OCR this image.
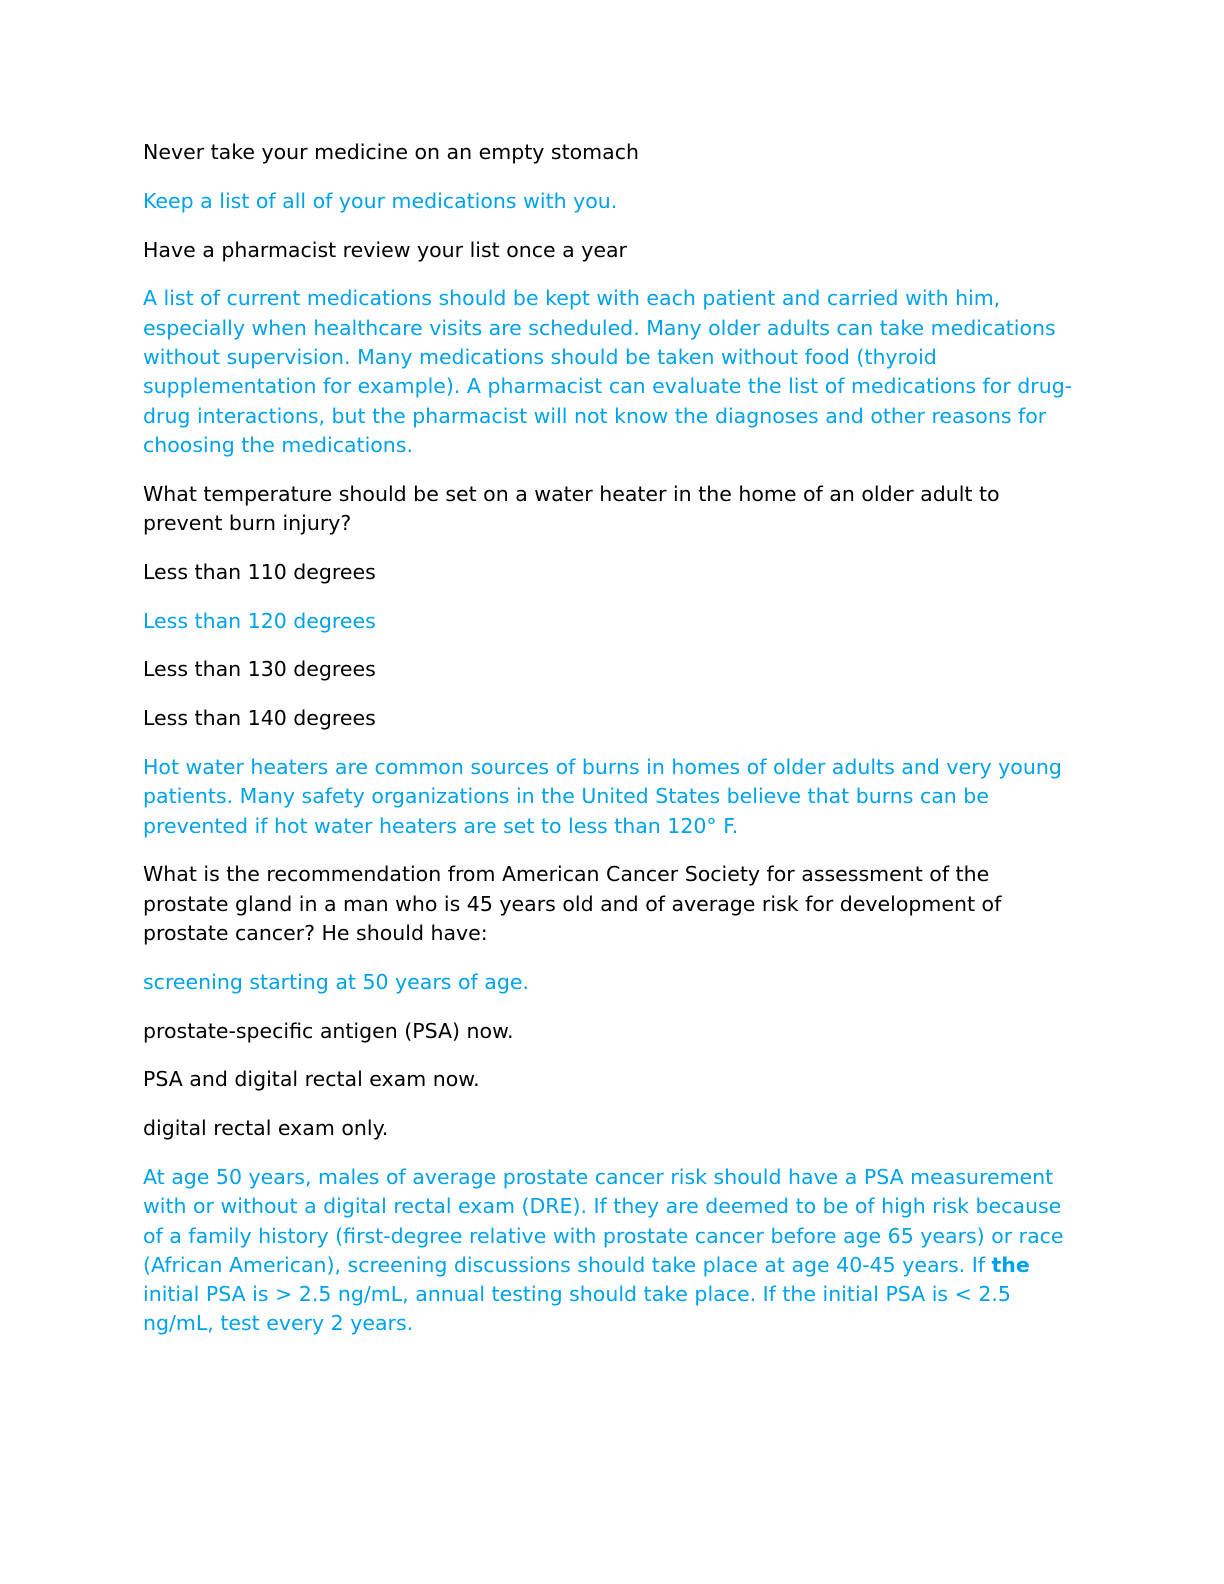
Never take your medicine on an empty stomach

Keep a list of all of your medications with you.

Have a pharmacist review your list once a year

A list of current medications should be kept with each patient and carried with him, especially when healthcare visits are scheduled. Many older adults can take medications without supervision. Many medications should be taken without food (thyroid supplementation for example). A pharmacist can evaluate the list of medications for drug-drug interactions, but the pharmacist will not know the diagnoses and other reasons for choosing the medications.

What temperature should be set on a water heater in the home of an older adult to prevent burn injury?

Less than 110 degrees

Less than 120 degrees

Less than 130 degrees

Less than 140 degrees

Hot water heaters are common sources of burns in homes of older adults and very young patients. Many safety organizations in the United States believe that burns can be prevented if hot water heaters are set to less than 120° F.

What is the recommendation from American Cancer Society for assessment of the prostate gland in a man who is 45 years old and of average risk for development of prostate cancer? He should have:

screening starting at 50 years of age.

prostate-specific antigen (PSA) now.

PSA and digital rectal exam now.

digital rectal exam only.

At age 50 years, males of average prostate cancer risk should have a PSA measurement with or without a digital rectal exam (DRE). If they are deemed to be of high risk because of a family history (first-degree relative with prostate cancer before age 65 years) or race (African American), screening discussions should take place at age 40-45 years. If the initial PSA is > 2.5 ng/mL, annual testing should take place. If the initial PSA is < 2.5 ng/mL, test every 2 years.
